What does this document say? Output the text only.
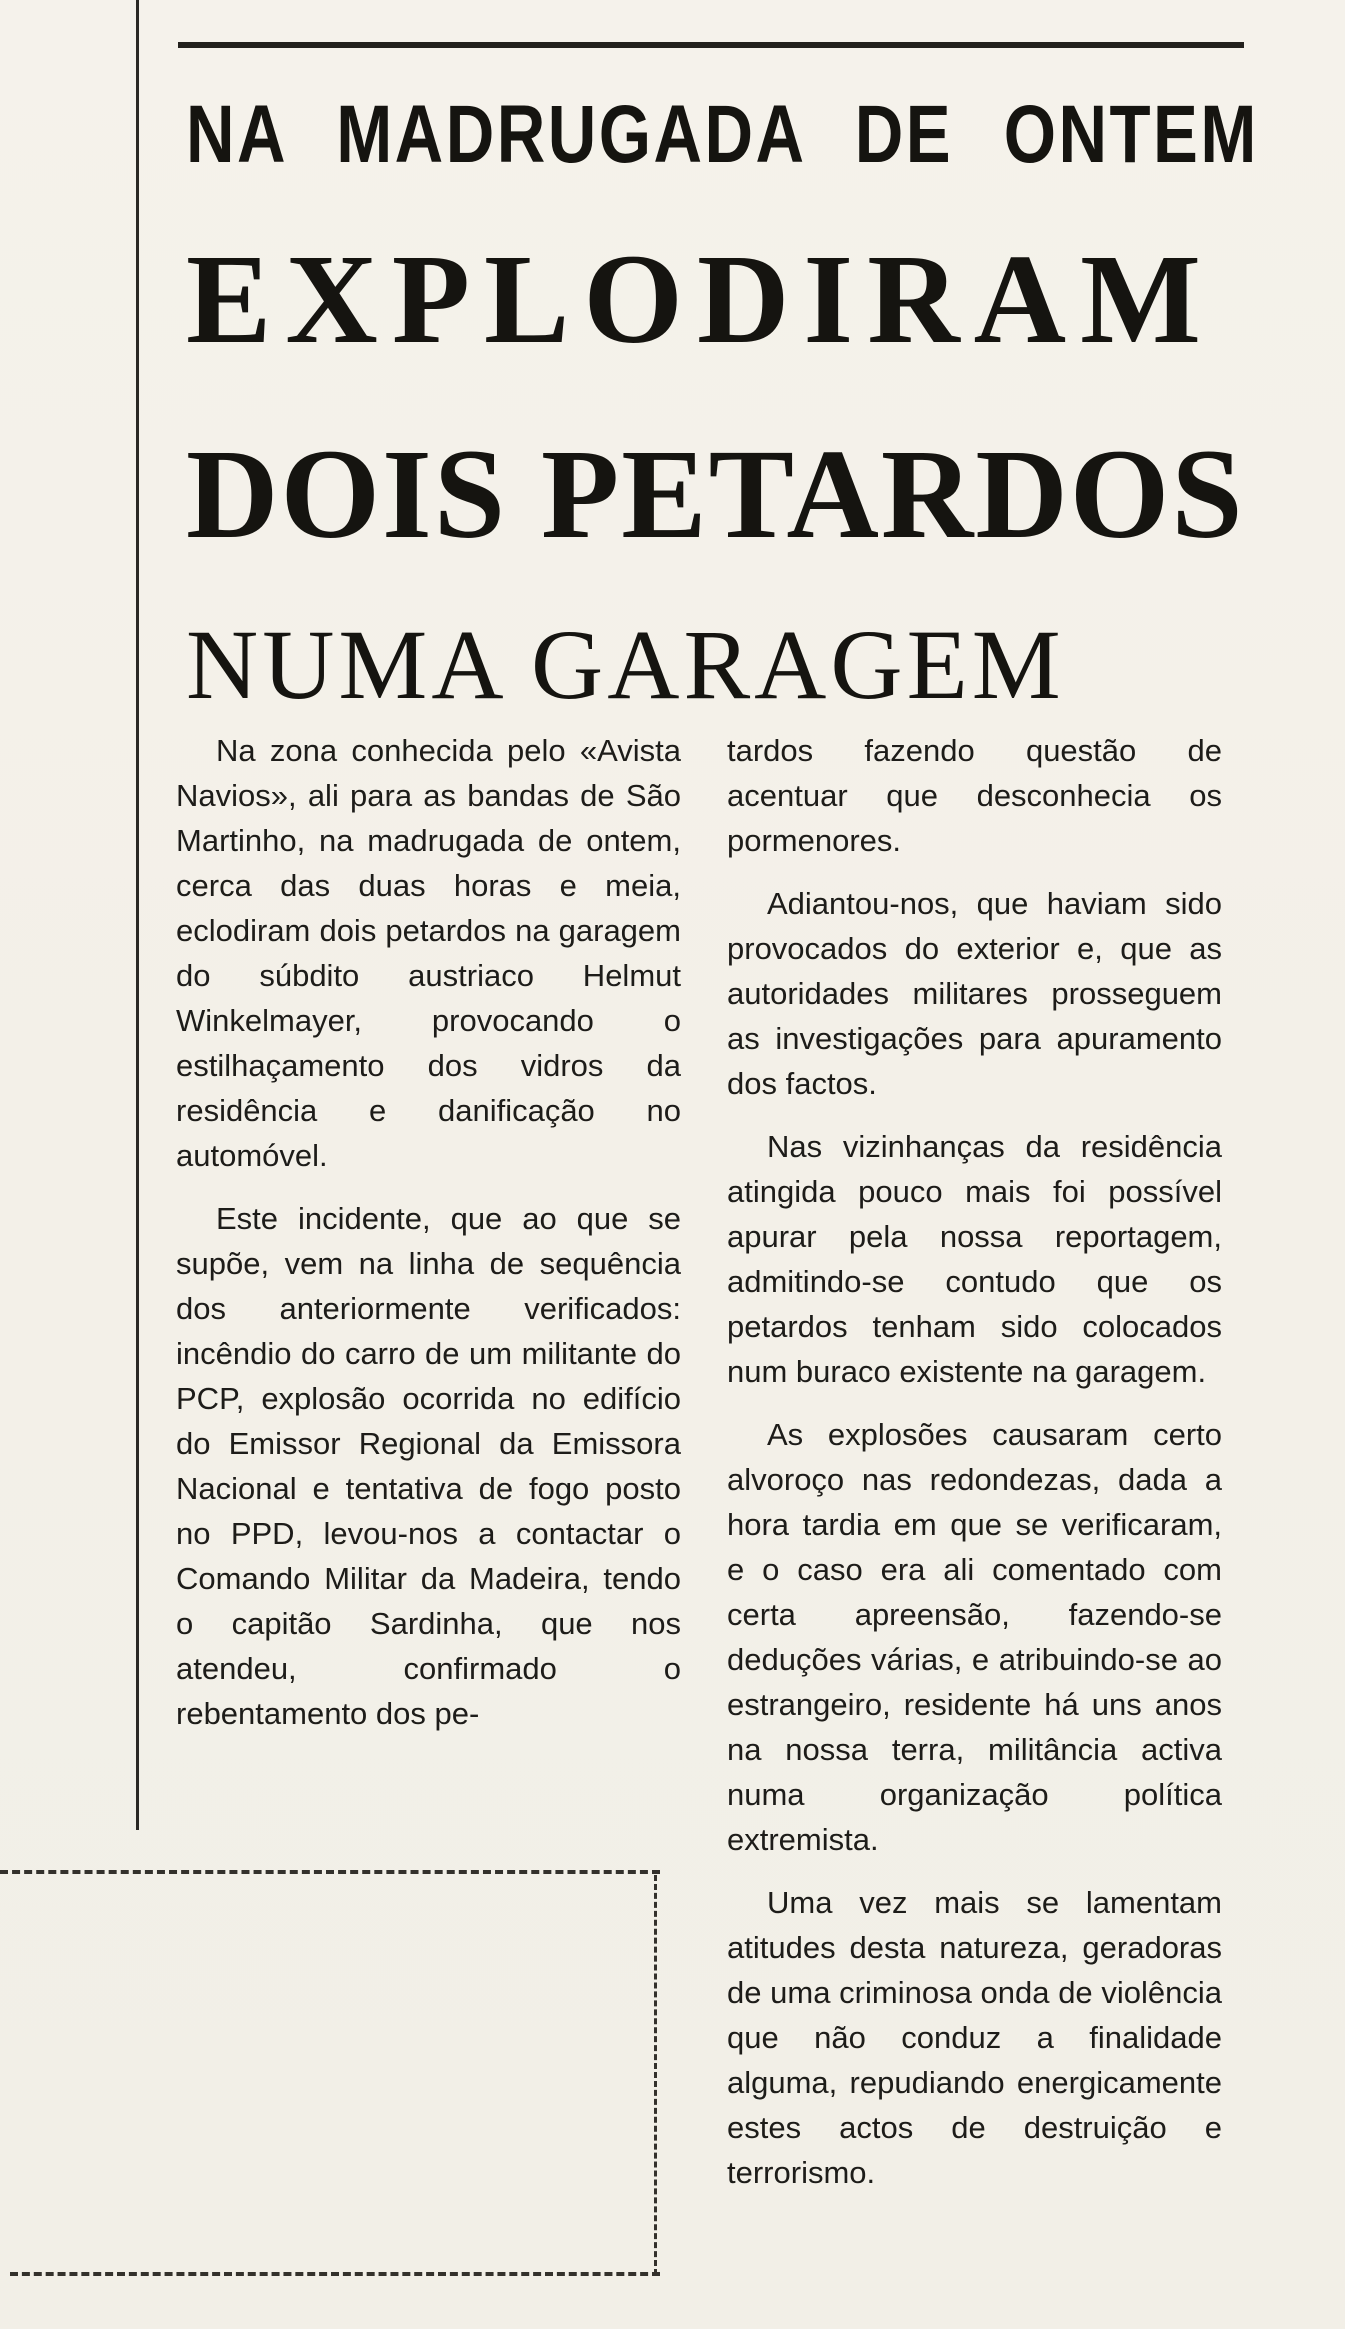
NA MADRUGADA DE ONTEM
EXPLODIRAM
DOIS PETARDOS
NUMA GARAGEM

Na zona conhecida pelo «Avista Navios», ali para as bandas de São Martinho, na madrugada de ontem, cerca das duas horas e meia, eclodiram dois petardos na garagem do súbdito austriaco Helmut Winkelmayer, provocando o estilhaçamento dos vidros da residência e danificação no automóvel.

Este incidente, que ao que se supõe, vem na linha de sequência dos anteriormente verificados: incêndio do carro de um militante do PCP, explosão ocorrida no edifício do Emissor Regional da Emissora Nacional e tentativa de fogo posto no PPD, levou-nos a contactar o Comando Militar da Madeira, tendo o capitão Sardinha, que nos atendeu, confirmado o rebentamento dos pe-

tardos fazendo questão de acentuar que desconhecia os pormenores.

Adiantou-nos, que haviam sido provocados do exterior e, que as autoridades militares prosseguem as investigações para apuramento dos factos.

Nas vizinhanças da residência atingida pouco mais foi possível apurar pela nossa reportagem, admitindo-se contudo que os petardos tenham sido colocados num buraco existente na garagem.

As explosões causaram certo alvoroço nas redondezas, dada a hora tardia em que se verificaram, e o caso era ali comentado com certa apreensão, fazendo-se deduções várias, e atribuindo-se ao estrangeiro, residente há uns anos na nossa terra, militância activa numa organização política extremista.

Uma vez mais se lamentam atitudes desta natureza, geradoras de uma criminosa onda de violência que não conduz a finalidade alguma, repudiando energicamente estes actos de destruição e terrorismo.
